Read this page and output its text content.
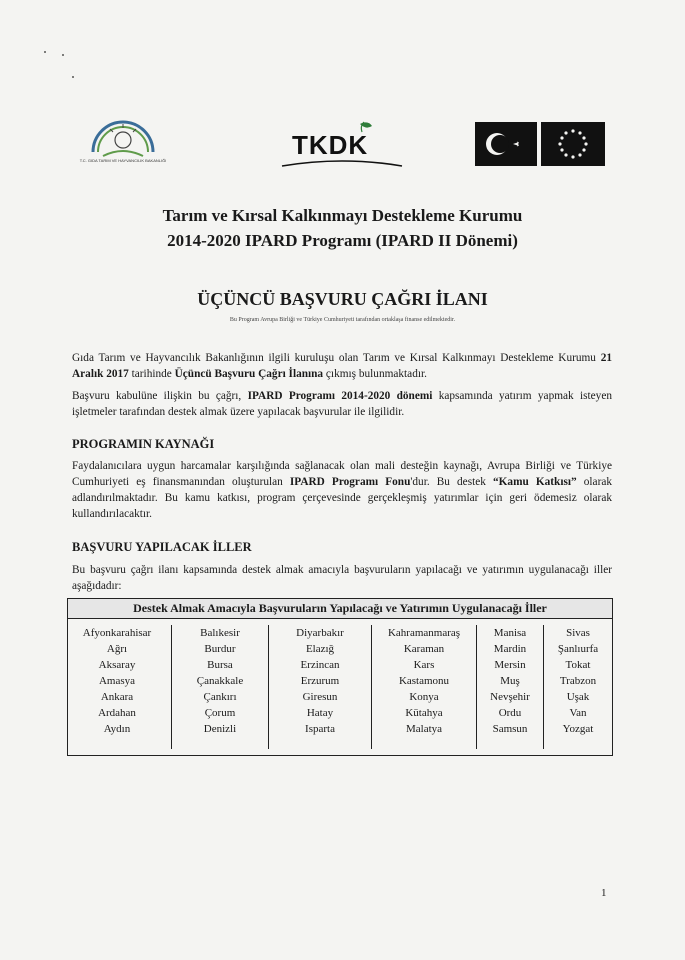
T.C. GIDA TARIM VE HAYVANCILIK BAKANLIĞI
TKDK
Tarım ve Kırsal Kalkınmayı Destekleme Kurumu
2014-2020 IPARD Programı (IPARD II Dönemi)
ÜÇÜNCÜ BAŞVURU ÇAĞRI İLANI
Bu Program Avrupa Birliği ve Türkiye Cumhuriyeti tarafından ortaklaşa finanse edilmektedir.
Gıda Tarım ve Hayvancılık Bakanlığının ilgili kuruluşu olan Tarım ve Kırsal Kalkınmayı Destekleme Kurumu 21 Aralık 2017 tarihinde Üçüncü Başvuru Çağrı İlanına çıkmış bulunmaktadır.
Başvuru kabulüne ilişkin bu çağrı, IPARD Programı 2014-2020 dönemi kapsamında yatırım yapmak isteyen işletmeler tarafından destek almak üzere yapılacak başvurular ile ilgilidir.
PROGRAMIN KAYNAĞI
Faydalanıcılara uygun harcamalar karşılığında sağlanacak olan mali desteğin kaynağı, Avrupa Birliği ve Türkiye Cumhuriyeti eş finansmanından oluşturulan IPARD Programı Fonu'dur. Bu destek “Kamu Katkısı” olarak adlandırılmaktadır. Bu kamu katkısı, program çerçevesinde gerçekleşmiş yatırımlar için geri ödemesiz olarak kullandırılacaktır.
BAŞVURU YAPILACAK İLLER
Bu başvuru çağrı ilanı kapsamında destek almak amacıyla başvuruların yapılacağı ve yatırımın uygulanacağı iller aşağıdadır:
Destek Almak Amacıyla Başvuruların Yapılacağı ve Yatırımın Uygulanacağı İller
Afyonkarahisar
Ağrı
Aksaray
Amasya
Ankara
Ardahan
Aydın
Balıkesir
Burdur
Bursa
Çanakkale
Çankırı
Çorum
Denizli
Diyarbakır
Elazığ
Erzincan
Erzurum
Giresun
Hatay
Isparta
Kahramanmaraş
Karaman
Kars
Kastamonu
Konya
Kütahya
Malatya
Manisa
Mardin
Mersin
Muş
Nevşehir
Ordu
Samsun
Sivas
Şanlıurfa
Tokat
Trabzon
Uşak
Van
Yozgat
1
